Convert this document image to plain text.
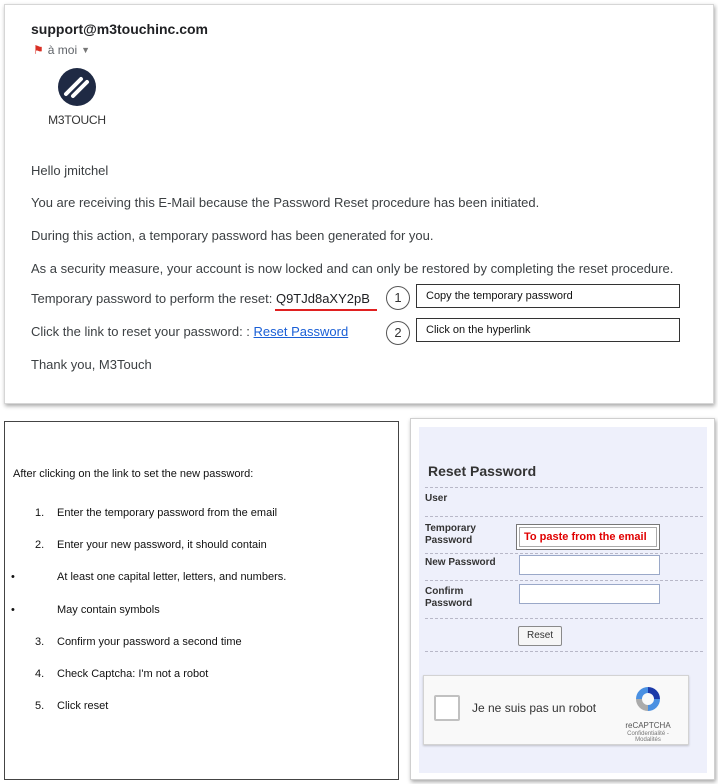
support@m3touchinc.com
⚑ à moi ▼
M3TOUCH
Hello jmitchel
You are receiving this E-Mail because the Password Reset procedure has been initiated.
During this action, a temporary password has been generated for you.
As a security measure, your account is now locked and can only be restored by completing the reset procedure.
Temporary password to perform the reset: Q9TJd8aXY2pB
Click the link to reset your password: : Reset Password
Thank you, M3Touch
1	Copy the temporary password
2	Click on the hyperlink
After clicking on the link to set the new password:
1.	Enter the temporary password from the email
2.	Enter your new password, it should contain
•	At least one capital letter, letters, and numbers.
•	May contain symbols
3.	Confirm your password a second time
4.	Check Captcha: I'm not a robot
5.	Click reset
Reset Password
User
Temporary
Password	To paste from the email
New Password
Confirm
Password
Reset
Je ne suis pas un robot
reCAPTCHA
Confidentialité - Modalités
